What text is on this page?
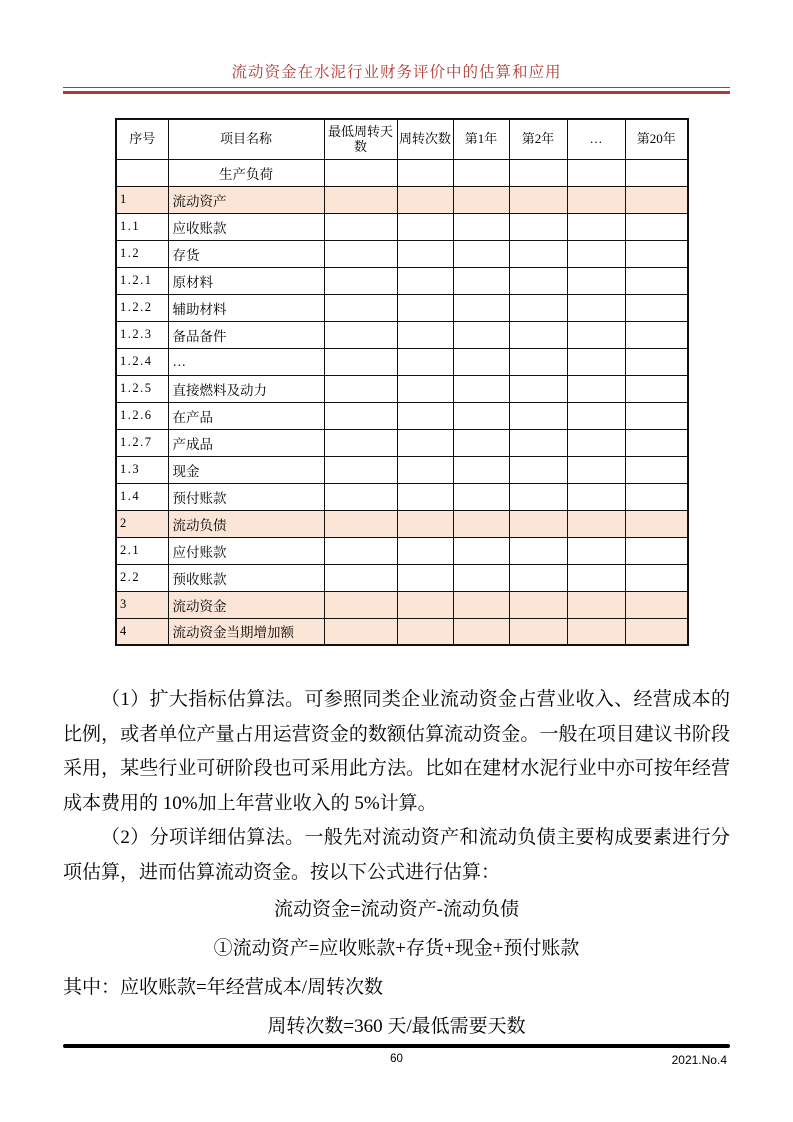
流动资金在水泥行业财务评价中的估算和应用
序号	项目名称	最低周转天数	周转次数	第1年	第2年	…	第20年
	生产负荷						
1	流动资产						
1.1	应收账款						
1.2	存货						
1.2.1	原材料						
1.2.2	辅助材料						
1.2.3	备品备件						
1.2.4	…						
1.2.5	直接燃料及动力						
1.2.6	在产品						
1.2.7	产成品						
1.3	现金						
1.4	预付账款						
2	流动负债						
2.1	应付账款						
2.2	预收账款						
3	流动资金						
4	流动资金当期增加额						

（1）扩大指标估算法。可参照同类企业流动资金占营业收入、经营成本的比例，或者单位产量占用运营资金的数额估算流动资金。一般在项目建议书阶段采用，某些行业可研阶段也可采用此方法。比如在建材水泥行业中亦可按年经营成本费用的 10%加上年营业收入的 5%计算。

（2）分项详细估算法。一般先对流动资产和流动负债主要构成要素进行分项估算，进而估算流动资金。按以下公式进行估算：

流动资金=流动资产-流动负债
①流动资产=应收账款+存货+现金+预付账款
其中：应收账款=年经营成本/周转次数
周转次数=360 天/最低需要天数
60	2021.No.4
